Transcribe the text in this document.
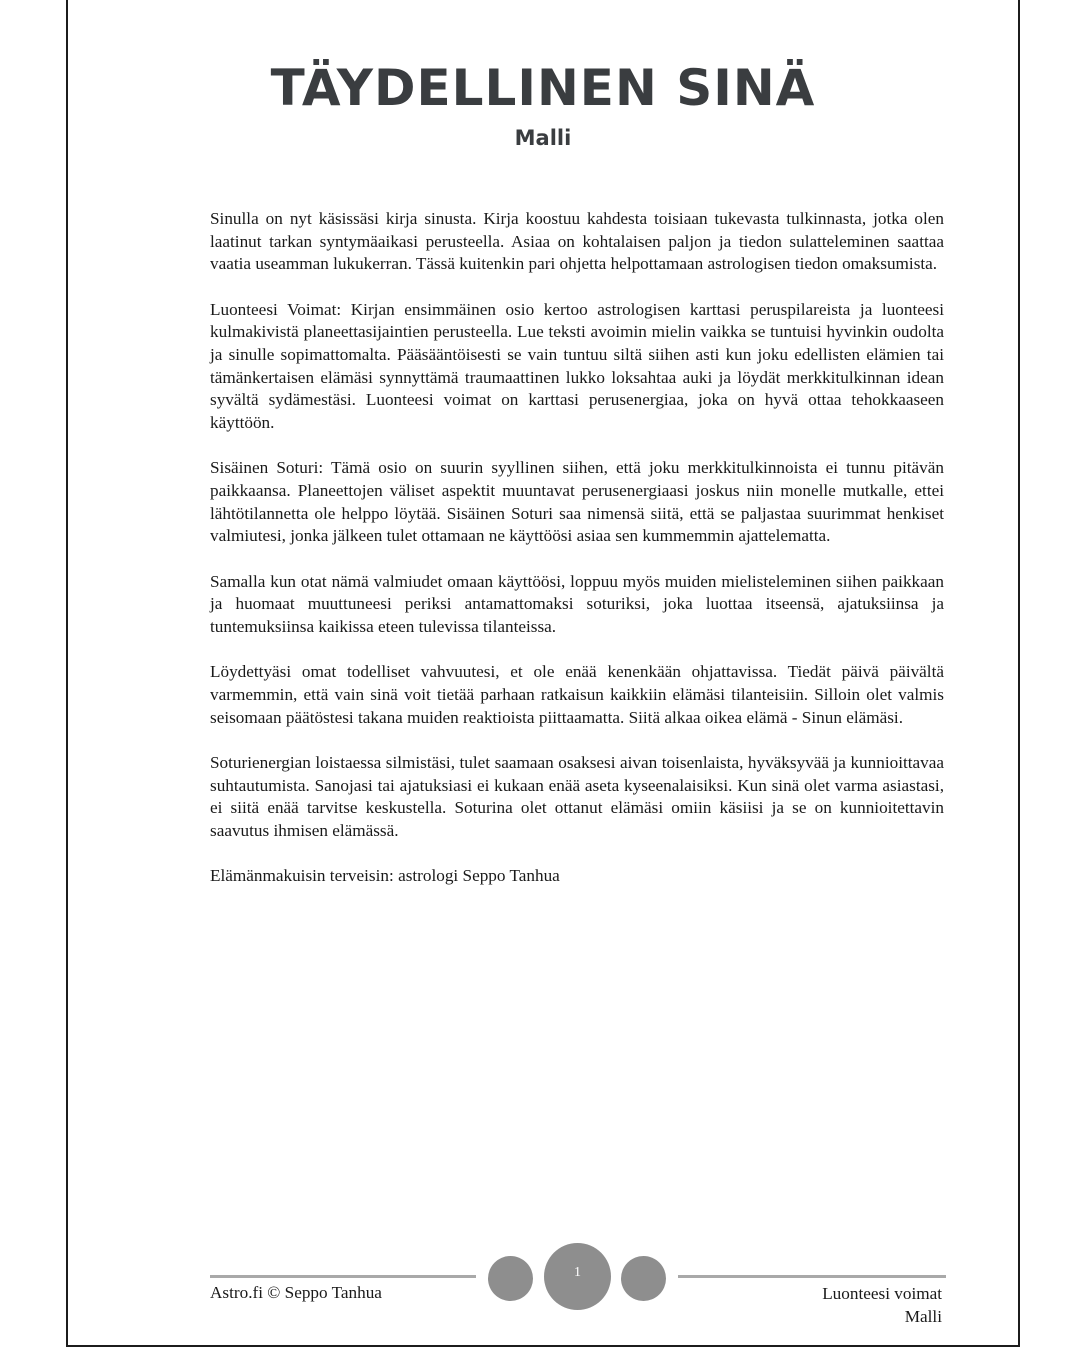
TÄYDELLINEN SINÄ
Malli

Sinulla on nyt käsissäsi kirja sinusta. Kirja koostuu kahdesta toisiaan tukevasta tulkinnasta, jotka olen laatinut tarkan syntymäaikasi perusteella. Asiaa on kohtalaisen paljon ja tiedon sulatteleminen saattaa vaatia useamman lukukerran. Tässä kuitenkin pari ohjetta helpottamaan astrologisen tiedon omaksumista.

Luonteesi Voimat: Kirjan ensimmäinen osio kertoo astrologisen karttasi peruspilareista ja luonteesi kulmakivistä planeettasijaintien perusteella. Lue teksti avoimin mielin vaikka se tuntuisi hyvinkin oudolta ja sinulle sopimattomalta. Pääsääntöisesti se vain tuntuu siltä siihen asti kun joku edellisten elämien tai tämänkertaisen elämäsi synnyttämä traumaattinen lukko loksahtaa auki ja löydät merkkitulkinnan idean syvältä sydämestäsi. Luonteesi voimat on karttasi perusenergiaa, joka on hyvä ottaa tehokkaaseen käyttöön.

Sisäinen Soturi: Tämä osio on suurin syyllinen siihen, että joku merkkitulkinnoista ei tunnu pitävän paikkaansa. Planeettojen väliset aspektit muuntavat perusenergiaasi joskus niin monelle mutkalle, ettei lähtötilannetta ole helppo löytää. Sisäinen Soturi saa nimensä siitä, että se paljastaa suurimmat henkiset valmiutesi, jonka jälkeen tulet ottamaan ne käyttöösi asiaa sen kummemmin ajattelematta.

Samalla kun otat nämä valmiudet omaan käyttöösi, loppuu myös muiden mielisteleminen siihen paikkaan ja huomaat muuttuneesi periksi antamattomaksi soturiksi, joka luottaa itseensä, ajatuksiinsa ja tuntemuksiinsa kaikissa eteen tulevissa tilanteissa.

Löydettyäsi omat todelliset vahvuutesi, et ole enää kenenkään ohjattavissa. Tiedät päivä päivältä varmemmin, että vain sinä voit tietää parhaan ratkaisun kaikkiin elämäsi tilanteisiin. Silloin olet valmis seisomaan päätöstesi takana muiden reaktioista piittaamatta. Siitä alkaa oikea elämä - Sinun elämäsi.

Soturienergian loistaessa silmistäsi, tulet saamaan osaksesi aivan toisenlaista, hyväksyvää ja kunnioittavaa suhtautumista. Sanojasi tai ajatuksiasi ei kukaan enää aseta kyseenalaisiksi. Kun sinä olet varma asiastasi, ei siitä enää tarvitse keskustella. Soturina olet ottanut elämäsi omiin käsiisi ja se on kunnioitettavin saavutus ihmisen elämässä.

Elämänmakuisin terveisin: astrologi Seppo Tanhua

1
Astro.fi © Seppo Tanhua	Luonteesi voimat
Malli
